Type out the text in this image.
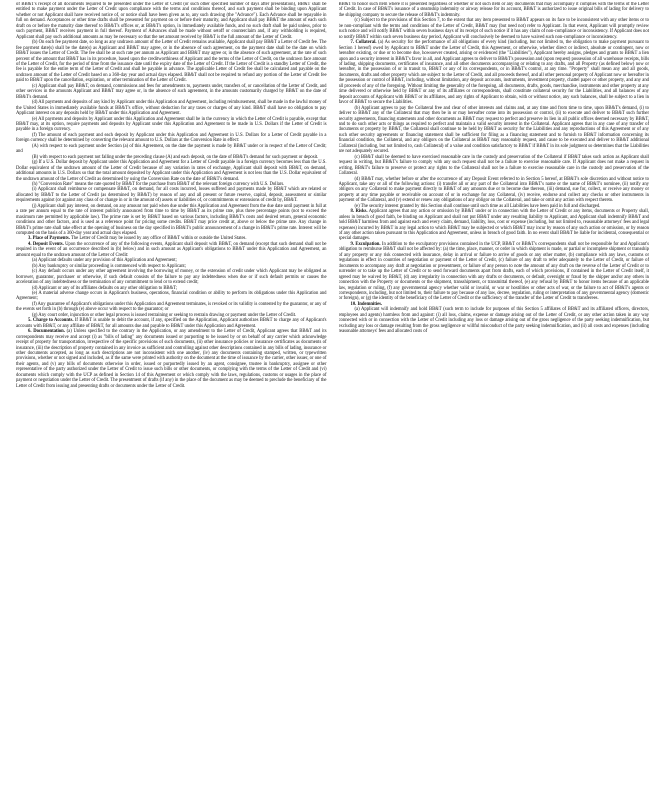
of BB&T's receipt of all documents required to be presented under the Letter of Credit (or such other specified number of days after presentation), BB&T shall be entitled to make payment under the Letter of Credit upon compliance with the terms and conditions thereof, and such payment shall be binding upon Applicant whether or not Applicant shall have received notice of, or notice shall have been given as to, any such drawing (the "Advance"). Each Advance shall be repayable in full on demand. Acceptances or other time drafts shall be presented for payment on or before their maturity, and Applicant shall pay BB&T the amount of each such draft on or before the maturity date thereof to BB&T's offices or, at BB&T's option, in immediately available funds, and no such draft shall be paid unless, prior to such payment, BB&T receives payment in full thereof. Payment of Advances shall be made without setoff or counterclaim and, if any withholding is required, Applicant shall pay such additional amounts as may be necessary so that the net amount received by BB&T is the full amount of the Letter of Credit.

(b) On each fee payment date, so long as any undrawn amount of the Letter of Credit remains available, Applicant shall pay BB&T a Letter of Credit fee. The fee payment date(s) shall be the date(s) as Applicant and BB&T may agree, or in the absence of such agreement, on the payment date shall be the date on which BB&T issues the Letter of Credit. The fee shall be at such rate per annum as Applicant and BB&T may agree or, in the absence of such agreement, at the rate of such percent of the amount that BB&T has in its procedure, based upon the creditworthiness of Applicant and the terms of the Letter of Credit, on the undrawn face amount of the Letter of Credit, for the period of time from the issuance date until the expiry date of the Letter of Credit. If the Letter of Credit is a standby Letter of Credit, the fee is payable for the entire term of the Letter of Credit and shall be payable in advance. The applicable Letter of Credit fee shall be calculated and payable on the undrawn amount of the Letter of Credit based on a 360-day year and actual days elapsed. BB&T shall not be required to refund any portion of the Letter of Credit fee paid to BB&T upon the cancellation, expiration, or other termination of the Letter of Credit.

(c) Applicant shall pay BB&T, on demand, commissions and fees for amendments to, payments under, transfers of, or cancellation of the Letter of Credit, and other services in the amounts Applicant and BB&T may agree or, in the absence of such agreement, in the amounts customarily charged by BB&T on the date of BB&T's demand.

(d) All payments and deposits of any kind by Applicant under this Application and Agreement, including reimbursement, shall be made in the lawful money of the United States in immediately available funds at BB&T's office, without deduction for any taxes or charges of any kind. BB&T shall have no obligation to pay Applicant interest on any deposits held by BB&T under this Application and Agreement.

(e) All payments and deposits by Applicant under this Application and Agreement shall be in the currency in which the Letter of Credit is payable, except that BB&T may, at its option, require payments and deposits by Applicant under this Application and Agreement to be made in U.S. Dollars if the Letter of Credit is payable in a foreign currency.

(f) The amount of each payment and each deposit by Applicant under this Application and Agreement in U.S. Dollars for a Letter of Credit payable in a foreign currency shall be determined by converting the relevant amount to U.S. Dollars at the Conversion Rate in effect:

(A) with respect to each payment under Section (a) of this Agreement, on the date the payment is made by BB&T under or in respect of the Letter of Credit; and

(B) with respect to each payment not falling under the preceding clause (A) and each deposit, on the date of BB&T's demand for such payment or deposit.

(g) If a U.S. Dollar deposit by Applicant under this Application and Agreement for a Letter of Credit payable in a foreign currency becomes less than the U.S. Dollar equivalent of the undrawn amount of the Letter of Credit because of any variation in rates of exchange, Applicant shall deposit with BB&T, on demand, additional amounts in U.S. Dollars so that the total amount deposited by Applicant under this Application and Agreement is not less than the U.S. Dollar equivalent of the undrawn amount of the Letter of Credit as determined by using the Conversion Rate on the date of BB&T's demand.

(h) "Conversion Rate" means the rate quoted by BB&T for the purchase from BB&T of the relevant foreign currency with U.S. Dollars.

(i) Applicant shall reimburse or compensate BB&T, on demand, for all costs incurred, losses suffered and payments made by BB&T which are related or allocated by BB&T to the Letter of Credit (as determined by BB&T) by reason of any and all present or future reserve, capital, deposit, assessment or similar requirements against (or against any class of or change in or in the amount of) assets or liabilities of, or commitments or extensions of credit by, BB&T.

(j) Applicant shall pay interest, on demand, on any amount not paid when due under this Application and Agreement from the due date until payment in full at a rate per annum equal to the rate of interest publicly announced from time to time by BB&T as its prime rate, plus three percentage points (not to exceed the maximum rate permitted by applicable law). The prime rate is set by BB&T based on various factors, including BB&T's costs and desired return, general economic conditions and other factors, and is used as a reference point for pricing some credits. BB&T may price credit at, above or below the prime rate. Any change in BB&T's prime rate shall take effect at the opening of business on the day specified in BB&T's public announcement of a change in BB&T's prime rate. Interest will be computed on the basis of a 360-day year and actual days elapsed.

3. Place of Payments. The Letter of Credit may be issued by any office of BB&T within or outside the United States.

4. Deposit Events. Upon the occurrence of any of the following events, Applicant shall deposit with BB&T, on demand (except that such demand shall not be required in the event of an occurrence described in (b) below) and in such amount as Applicant's obligations to BB&T under this Application and Agreement, an amount equal to the undrawn amount of the Letter of Credit:

(a) Applicant defaults under any provision of this Application and Agreement;

(b) Any bankruptcy or similar proceeding is commenced with respect to Applicant;

(c) Any default occurs under any other agreement involving the borrowing of money, or the extension of credit under which Applicant may be obligated as borrower, guarantor, purchaser or otherwise, if such default consists of the failure to pay any indebtedness when due or if such default permits or causes the acceleration of any indebtedness or the termination of any commitment to lend or to extend credit;

(d) Applicant or any of its affiliates defaults on any other obligation to BB&T;

(e) A material adverse change occurs in Applicant's business, operations, financial condition or ability to perform its obligations under this Application and Agreement;

(f) Any guarantee of Applicant's obligations under this Application and Agreement terminates, is revoked or its validity is contested by the guarantor, or any of the events set forth in (b) through (e) above occur with respect to the guarantor; or

(g) Any court order, injunction or other legal process is issued restraining or seeking to restrain drawing or payment under the Letter of Credit.

5. Charge to Accounts. If BB&T is unable to debit the account, if any, specified on the Application, Applicant authorizes BB&T to charge any of Applicant's accounts with BB&T, or any affiliate of BB&T, for all amounts due and payable to BB&T under this Application and Agreement.

6. Documentation. (a) Unless specified to the contrary in the Application, or any amendment to the Letter of Credit, Applicant agrees that BB&T and its correspondents may receive and accept (i) as "bills of lading" any documents issued or purporting to be issued by or on behalf of any carrier which acknowledge receipt of property for transportation, irrespective of the specific provisions of such documents, (ii) other insurance policies or insurance certificates as documents of insurance, (iii) the description of property contained in any invoice as sufficient and controlling against other descriptions contained in any bills of lading, insurance or other documents accepted, as long as such descriptions are not inconsistent with one another, (iv) any documents containing stamped, written, or typewritten provisions, whether or not signed and included, as if the same were printed with authority on the document at the time of issuance by the carrier, other issuer, or one of their agents, and (v) any bills of documents otherwise in order, issued or purportedly issued by an agent, consignee, trustee in bankruptcy, assignee or other representative of the party authorized under the Letter of Credit to issue such bills or other documents, or complying with the terms of the Letter of Credit and (vi) documents which comply with the UCP as defined in Section 14 of this Agreement or which comply with the laws, regulations, customs or usages in the place of payment or negotiation under the Letter of Credit. The presentment of drafts (if any) in the place of the document as may be deemed to preclude the beneficiary of the Letter of Credit from issuing and presenting drafts or documents under the Letter of Credit.

BB&T to honor such item where it is presented regardless of whether or not such item or any documents that may accompany it complies with the terms of the Letter of Credit. In case of BB&T's issuance of a steamship indemnity or airway release for its account, BB&T is authorized to issue original bills of lading for delivery to the shipping company to secure the release of BB&T's indemnity.

(c) Subject to the provisions of this Section 7, to the extent that any item presented to BB&T appears on its face to be inconsistent with any other items or to be non-compliant with the terms and conditions of the Letter of Credit, BB&T may (but need not) refer to Applicant. In that event, Applicant will promptly review such notice and will notify BB&T within seven business days of its receipt of such notice if it has any claim of non-compliance or inconsistency. If Applicant does not so notify BB&T within such seven business day period, Applicant will conclusively be deemed to have waived such non-compliance or inconsistency.

7. Collateral. (a) As security for the performance of all obligations of every kind (including, but not limited to, the obligation to make payment pursuant to Section 1 hereof) owed by Applicant to BB&T under the Letter of Credit, this Agreement, or otherwise, whether direct or indirect, absolute or contingent, now or hereafter existing, or due or to become due, howsoever created, arising or evidenced (the "Liabilities"), Applicant hereby assigns, pledges and grants to BB&T a lien upon and a security interest in BB&T's favor in all, and Applicant agrees to deliver to BB&T's possession and (upon request) possession of all warehouse receipts, bills of lading, shipping documents, certificates of insurance, and all other documents accompanying or relating to any drafts, and all Property (as defined below) now or hereafter, in the possession of or in transit to, BB&T or any of its correspondents, or in BB&T's control, at any time. "Property" shall mean any and all goods, documents, drafts and other property which are subject to the Letter of Credit, and all proceeds thereof, and all other personal property of Applicant now or hereafter in the possession or control of BB&T, including, without limitation, any deposit accounts, instruments, investment property, chattel paper or other property, and any and all proceeds of any of the foregoing. Without limiting the generality of the foregoing, all documents, drafts, goods, merchandise, instruments and other property at any time delivered or otherwise held by BB&T or any of its affiliates or correspondents, shall constitute collateral security for the Liabilities, and all balances of any deposit accounts of Applicant with BB&T or its affiliates, and any rights of Applicant to obtain, with or without notice, any such balances, shall be subject to a lien in favor of BB&T to secure the Liabilities.

(b) Applicant agrees to pay the Collateral free and clear of other interests and claims and, at any time and from time to time, upon BB&T's demand, (i) to deliver to BB&T any of the Collateral that may then be in or may hereafter come into its possession or control, (ii) to execute and deliver to BB&T such further security agreements, financing statements and other documents as BB&T may request to perfect and preserve its lien in all public offices deemed necessary by BB&T, and to do such other acts or things as required to perfect and maintain a valid security interest in the Collateral. Applicant agrees that in any case of any transfer of documents or property by BB&T, the Collateral shall continue to be held by BB&T as security for the Liabilities and any reproductions of this Agreement or of any such other security agreements or financing statement shall be sufficient for filing as a financing statement and to furnish to BB&T information concerning its financial condition, the Collateral, and any obligors on the Collateral as BB&T may reasonably request, and cause to be executed and deliver to BB&T additional Collateral (including, but not limited to, cash Collateral) of a value and condition satisfactory to BB&T if BB&T in its sole judgment so determines that the Liabilities are not adequately secured.

(c) BB&T shall be deemed to have exercised reasonable care in the custody and preservation of the Collateral if BB&T takes such action as Applicant shall request in writing, but BB&T's failure to comply with any such request shall not be a failure to exercise reasonable care. If Applicant does not make a request in writing, BB&T's failure to preserve or protect any rights to the Collateral shall not be a failure to exercise reasonable care in the custody and preservation of the Collateral.

(d) BB&T may, whether before or after the occurrence of any Deposit Event referred to in Section 5 hereof, at BB&T's sole discretion and without notice to Applicant, take any or all of the following actions: (i) transfer all or any part of the Collateral into BB&T's name or the name of BB&T's nominee, (ii) notify any obligors on any Collateral to make payment directly to BB&T of any amounts due or to become due thereon, (iii) demand, sue for, collect, or receive any money or property at any time payable or receivable on account of or in exchange for any Collateral, (iv) receive, endorse and collect any checks or other instruments in payment of the Collateral, and (v) extend or renew any obligations of any obligor on the Collateral, and take or omit any action with respect thereto.

(e) The security interest granted by this Section shall continue until such time as all Liabilities have been paid in full and discharged.

8. Risks. Applicant agrees that any action or omission by BB&T under or in connection with the Letter of Credit or any items, documents or Property shall, unless in breach of good faith, be binding on Applicant and shall not put BB&T under any resulting liability to Applicant, and Applicant shall indemnify BB&T and hold BB&T harmless from and against each and every claim, demand, liability, loss, cost or expense (including, but not limited to, reasonable attorneys' fees and legal expenses) incurred by BB&T in any legal action to which BB&T may be subjected or which BB&T may incur by reason of any such action or omission, or by reason of any other action taken pursuant to this Application and Agreement, unless in breach of good faith. In no event shall BB&T be liable for incidental, consequential or special damages.

9. Exculpation. In addition to the exculpatory provisions contained in the UCP, BB&T or BB&T's correspondents shall not be responsible for and Applicant's obligation to reimburse BB&T shall not be affected by: (a) the time, place, manner, or order in which shipment is made, or partial or incomplete shipment or transship of any property or any risk connected with insurance, delay in arrival or failure to arrive of goods or any other matter, (b) compliance with any laws, customs or regulations in effect in countries of negotiation or payment of the Letter of Credit, (c) failure of any draft to refer adequately to the Letter of Credit, or failure of documents to accompany any draft at negotiation or presentment, or failure of any person to note the amount of any draft on the reverse of the Letter of Credit or to surrender or to take up the Letter of Credit or to send forward documents apart from drafts, each of which provisions, if contained in the Letter of Credit itself, it agreed may be waived by BB&T, (d) any irregularity in connection with any drafts or documents, or default, oversight or fraud by the shipper and/or any others in connection with the Property or documents or the shipment, transshipment, or transmittal thereof, (e) any refusal by BB&T to honor items because of an applicable law, regulation or ruling, (f) any governmental agency whether valid or invalid, or war or hostilities or other acts of war, or the failure to act of BB&T's agents or correspondents, including, but not limited to, their failure to pay because of any law, decree, regulation, ruling or interpretation of any governmental agency (domestic or foreign), or (g) the identity of the beneficiary of the Letter of Credit or the sufficiency of the transfer of the Letter of Credit to transferees.

10. Indemnities.

(a) Applicant will indemnify and hold BB&T (such term to include for purposes of this Section 5 affiliates of BB&T and its affiliated officers, directors, employees and agents) harmless from and against: (i) all loss, claims, expense or damage arising out of the Letter of Credit, or any other action taken in any way connected with or in connection with the Letter of Credit including any loss or damage arising out of the gross negligence of the party seeking indemnification, but excluding any loss or damage resulting from the gross negligence or willful misconduct of the party seeking indemnification, and (ii) all costs and expenses (including reasonable attorneys' fees and allocated costs of
